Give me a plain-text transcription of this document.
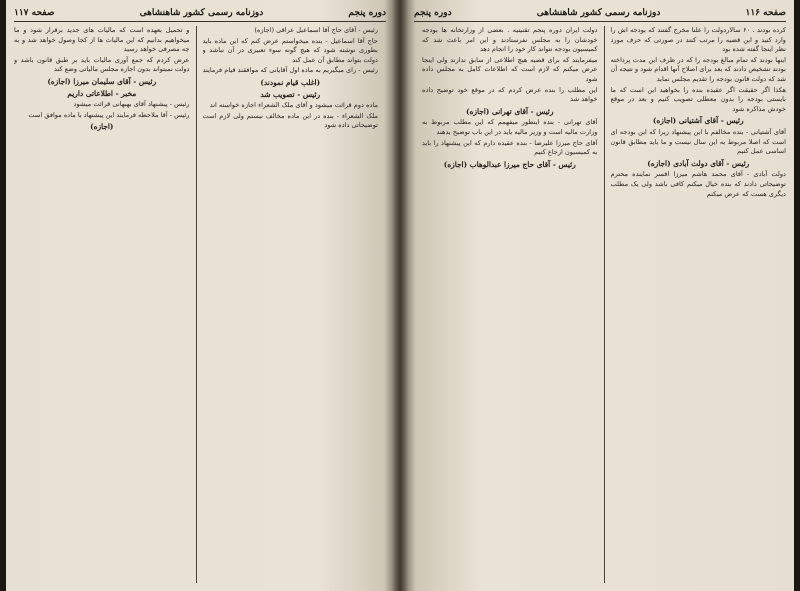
دوره پنجم
دوزنامه رسمی کشور شاهنشاهی
صفحه ۱۱۷

رئیس - آقای حاج آقا اسماعیل عراقی (اجازه)

حاج آقا اسماعیل - بنده میخواستم عرض کنم که این ماده باید بطوری نوشته شود که هیچ گونه سوء تعبیری در آن نباشد و دولت بتواند مطابق آن عمل کند

رئیس - رای میگیریم به ماده اول آقایانی که موافقند قیام فرمایند

(اغلب قیام نمودند)

رئیس - تصویب شد

ماده دوم قرائت میشود و آقای ملک الشعراء اجازه خواسته اند

ملک الشعراء - بنده در این ماده مخالف نیستم ولی لازم است توضیحاتی داده شود

و تحمیل بعهده است که مالیات های جدید برقرار شود و ما میخواهیم بدانیم که این مالیات ها از کجا وصول خواهد شد و به چه مصرفی خواهد رسید

عرض کردم که جمع آوری مالیات باید بر طبق قانون باشد و دولت نمیتواند بدون اجازه مجلس مالیاتی وضع کند

رئیس - آقای سلیمان میرزا (اجازه)

مخبر - اطلاعاتی داریم

رئیس - پیشنهاد آقای بهبهانی قرائت میشود

رئیس - آقا ملاحظه فرمایند این پیشنهاد با ماده موافق است

(اجازه)

صفحه ۱۱۶
دوزنامه رسمی کشور شاهنشاهی
دوره پنجم

کرده بودند . ۶۰ سالاردولت را علنا مخرج گفتند که بودجه اش را وارد کنید و این قضیه را مرتب کنند در صورتی که حرف مورد نظر اینجا گفته شده بود

اینها بودند که تمام مبالغ بودجه را که در ظرف این مدت پرداخته بودند تشخیص دادند که بعد برای اصلاح آنها اقدام شود و نتیجه آن شد که دولت قانون بودجه را تقدیم مجلس نماید

هکذا اگر حقیقت اگر عقیده بنده را بخواهید این است که ما بایستی بودجه را بدون معطلی تصویب کنیم و بعد در موقع خودش مذاکره شود

رئیس - آقای آشتیانی (اجازه)

آقای آشتیانی - بنده مخالفم با این پیشنهاد زیرا که این بودجه ای است که اصلا مربوط به این سال نیست و ما باید مطابق قانون اساسی عمل کنیم

رئیس - آقای دولت آبادی (اجازه)

دولت آبادی - آقای محمد هاشم میرزا افسر نماینده محترم توضیحاتی دادند که بنده خیال میکنم کافی باشد ولی یک مطلب دیگری هست که عرض میکنم

دولت ایران دوره پنجم تقنینیه . بعضی از وزارتخانه ها بودجه خودشان را به مجلس نفرستادند و این امر باعث شد که کمیسیون بودجه نتواند کار خود را انجام دهد

میفرمایند که برای قضیه هیچ اطلاعی از سابق ندارند ولی اینجا عرض میکنم که لازم است که اطلاعات کامل به مجلس داده شود

این مطلب را بنده عرض کردم که در موقع خود توضیح داده خواهد شد

رئیس - آقای تهرانی (اجازه)

آقای تهرانی - بنده اینطور میفهمم که این مطلب مربوط به وزارت مالیه است و وزیر مالیه باید در این باب توضیح بدهند

آقای حاج میرزا علیرضا - بنده عقیده دارم که این پیشنهاد را باید به کمیسیون ارجاع کنیم

رئیس - آقای حاج میرزا عبدالوهاب (اجازه)
